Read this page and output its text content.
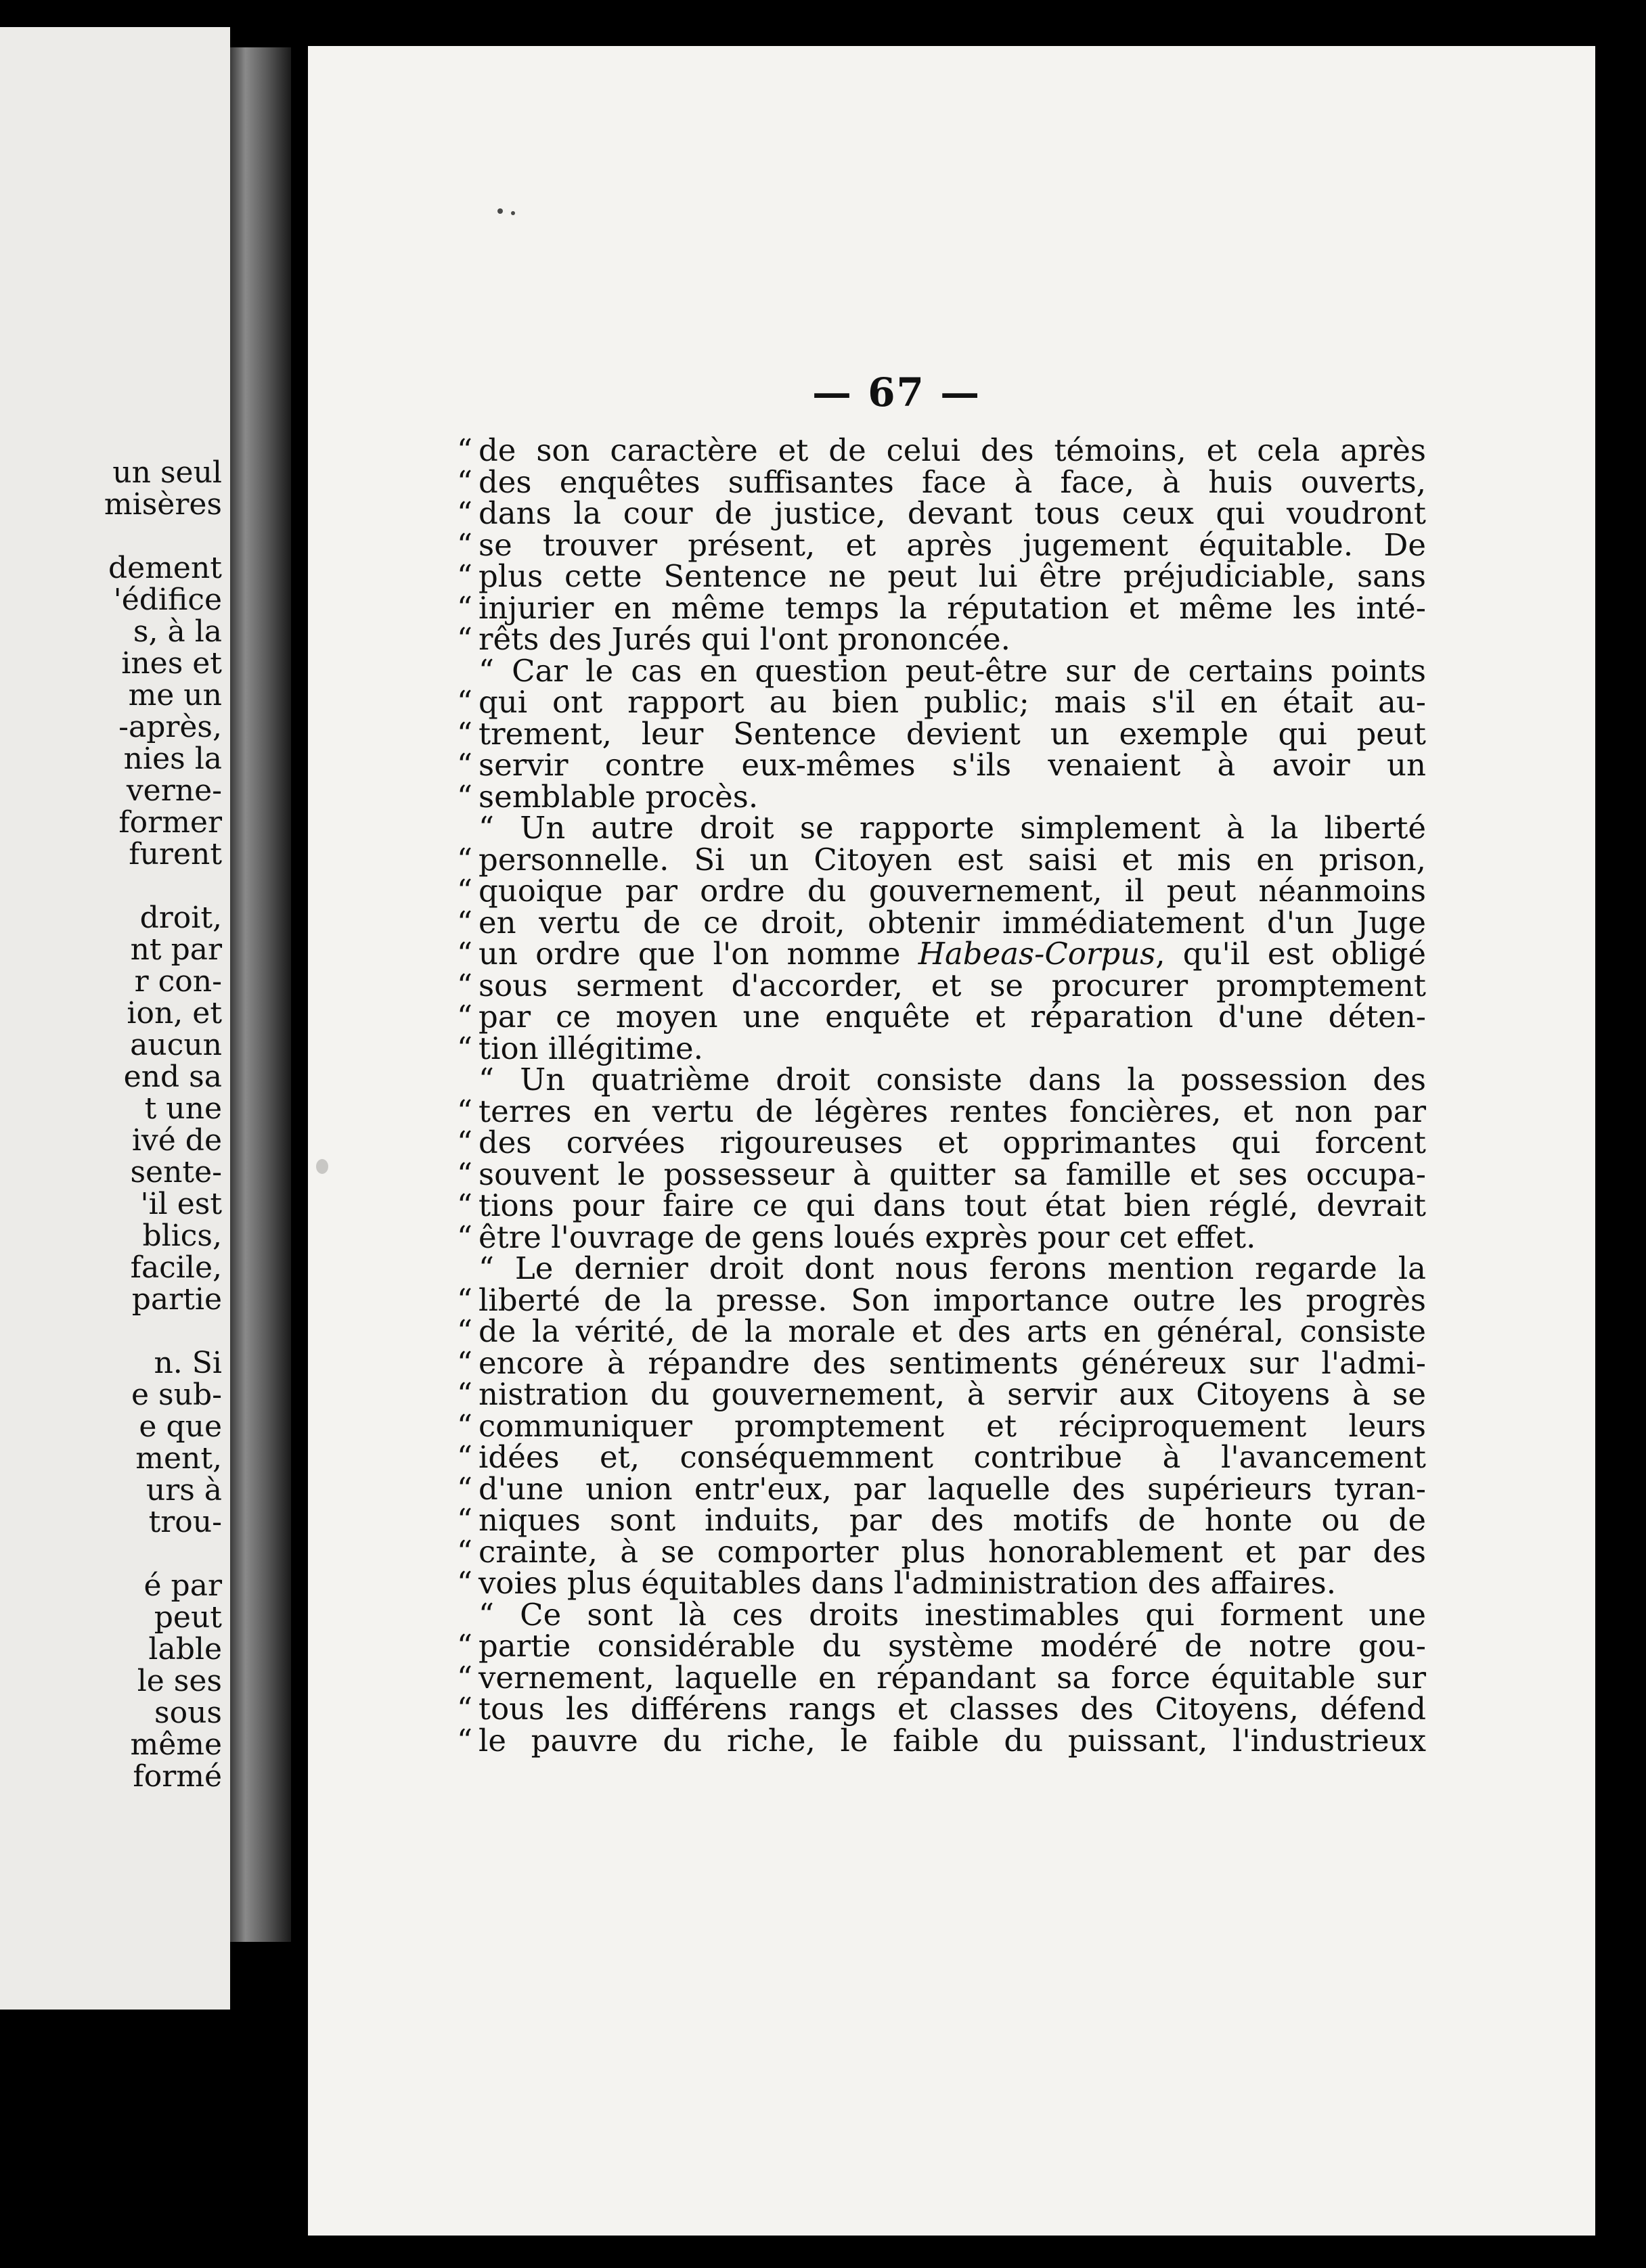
un seul
misères
dement
'édifice
s, à la
ines et
me un
-après,
nies la
verne-
former
furent
droit,
nt par
r con-
ion, et
aucun
end sa
t une
ivé de
sente-
'il est
blics,
facile,
partie
n. Si
e sub-
e que
ment,
urs à
trou-
é par
peut
lable
le ses
sous
même
formé
— 67 —
“ de son caractère et de celui des témoins, et cela après
“ des enquêtes suffisantes face à face, à huis ouverts,
“ dans la cour de justice, devant tous ceux qui voudront
“ se trouver présent, et après jugement équitable. De
“ plus cette Sentence ne peut lui être préjudiciable, sans
“ injurier en même temps la réputation et même les inté-
“ rêts des Jurés qui l'ont prononcée.
“ Car le cas en question peut-être sur de certains points
“ qui ont rapport au bien public; mais s'il en était au-
“ trement, leur Sentence devient un exemple qui peut
“ servir contre eux-mêmes s'ils venaient à avoir un
“ semblable procès.
“ Un autre droit se rapporte simplement à la liberté
“ personnelle. Si un Citoyen est saisi et mis en prison,
“ quoique par ordre du gouvernement, il peut néanmoins
“ en vertu de ce droit, obtenir immédiatement d'un Juge
“ un ordre que l'on nomme Habeas-Corpus, qu'il est obligé
“ sous serment d'accorder, et se procurer promptement
“ par ce moyen une enquête et réparation d'une déten-
“ tion illégitime.
“ Un quatrième droit consiste dans la possession des
“ terres en vertu de légères rentes foncières, et non par
“ des corvées rigoureuses et opprimantes qui forcent
“ souvent le possesseur à quitter sa famille et ses occupa-
“ tions pour faire ce qui dans tout état bien réglé, devrait
“ être l'ouvrage de gens loués exprès pour cet effet.
“ Le dernier droit dont nous ferons mention regarde la
“ liberté de la presse. Son importance outre les progrès
“ de la vérité, de la morale et des arts en général, consiste
“ encore à répandre des sentiments généreux sur l'admi-
“ nistration du gouvernement, à servir aux Citoyens à se
“ communiquer promptement et réciproquement leurs
“ idées et, conséquemment contribue à l'avancement
“ d'une union entr'eux, par laquelle des supérieurs tyran-
“ niques sont induits, par des motifs de honte ou de
“ crainte, à se comporter plus honorablement et par des
“ voies plus équitables dans l'administration des affaires.
“ Ce sont là ces droits inestimables qui forment une
“ partie considérable du système modéré de notre gou-
“ vernement, laquelle en répandant sa force équitable sur
“ tous les différens rangs et classes des Citoyens, défend
“ le pauvre du riche, le faible du puissant, l'industrieux
